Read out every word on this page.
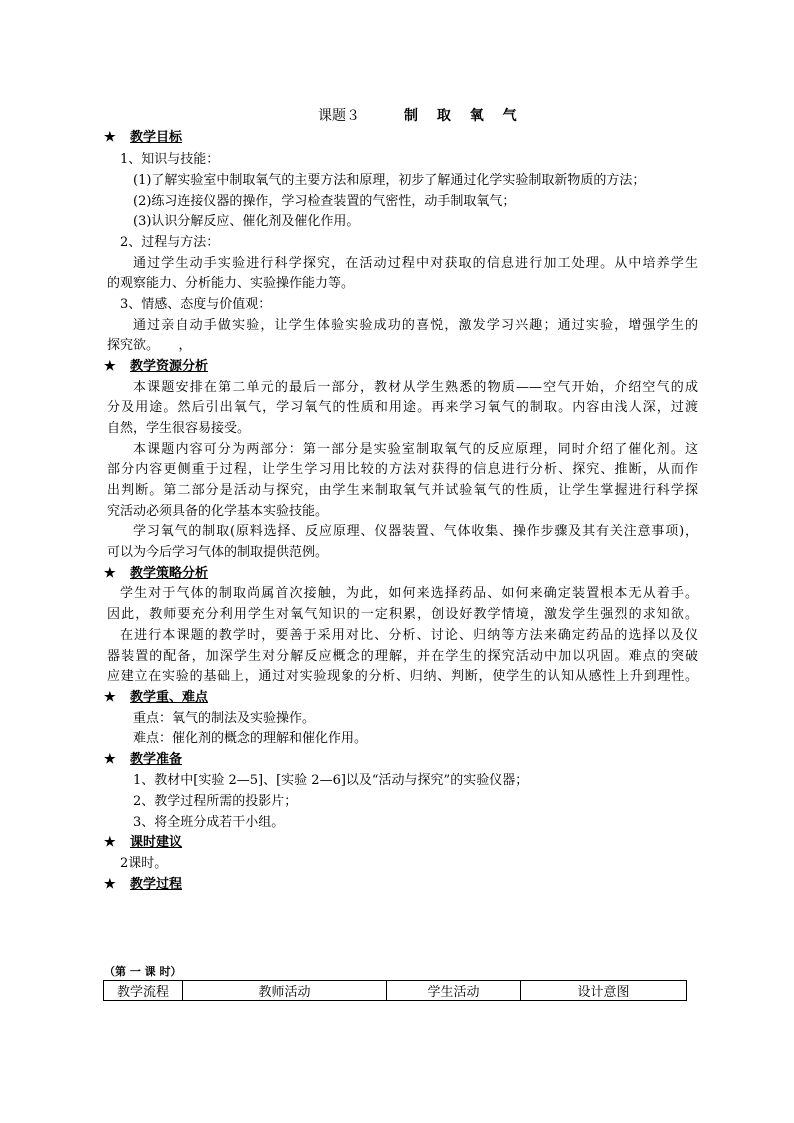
课题３	制 取 氧 气
★ 教学目标
1、知识与技能：
(1)了解实验室中制取氧气的主要方法和原理，初步了解通过化学实验制取新物质的方法；
(2)练习连接仪器的操作，学习检查装置的气密性，动手制取氧气；
(3)认识分解反应、催化剂及催化作用。
2、过程与方法：
通过学生动手实验进行科学探究，在活动过程中对获取的信息进行加工处理。从中培养学生
的观察能力、分析能力、实验操作能力等。
3、情感、态度与价值观：
通过亲自动手做实验，让学生体验实验成功的喜悦，激发学习兴趣；通过实验，增强学生的
探究欲。　　，
★ 教学资源分析
本课题安排在第二单元的最后一部分，教材从学生熟悉的物质——空气开始，介绍空气的成
分及用途。然后引出氧气，学习氧气的性质和用途。再来学习氧气的制取。内容由浅人深，过渡
自然，学生很容易接受。
本课题内容可分为两部分：第一部分是实验室制取氧气的反应原理，同时介绍了催化剂。这
部分内容更侧重于过程，让学生学习用比较的方法对获得的信息进行分析、探究、推断，从而作
出判断。第二部分是活动与探究，由学生来制取氧气并试验氧气的性质，让学生掌握进行科学探
究活动必须具备的化学基本实验技能。
学习氧气的制取(原料选择、反应原理、仪器装置、气体收集、操作步骤及其有关注意事项)，
可以为今后学习气体的制取提供范例。
★ 教学策略分析
学生对于气体的制取尚属首次接触，为此，如何来选择药品、如何来确定装置根本无从着手。
因此，教师要充分利用学生对氧气知识的一定积累，创设好教学情境，激发学生强烈的求知欲。
在进行本课题的教学时，要善于采用对比、分析、讨论、归纳等方法来确定药品的选择以及仪
器装置的配备，加深学生对分解反应概念的理解，并在学生的探究活动中加以巩固。难点的突破
应建立在实验的基础上，通过对实验现象的分析、归纳、判断，使学生的认知从感性上升到理性。
★ 教学重、难点
重点：氧气的制法及实验操作。
难点：催化剂的概念的理解和催化作用。
★ 教学准备
1、教材中[实验 2—5]、[实验 2—6]以及“活动与探究”的实验仪器；
2、教学过程所需的投影片；
3、将全班分成若干小组。
★ 课时建议
2课时。
★ 教学过程
（第 一 课 时）
教学流程	教师活动	学生活动	设计意图
